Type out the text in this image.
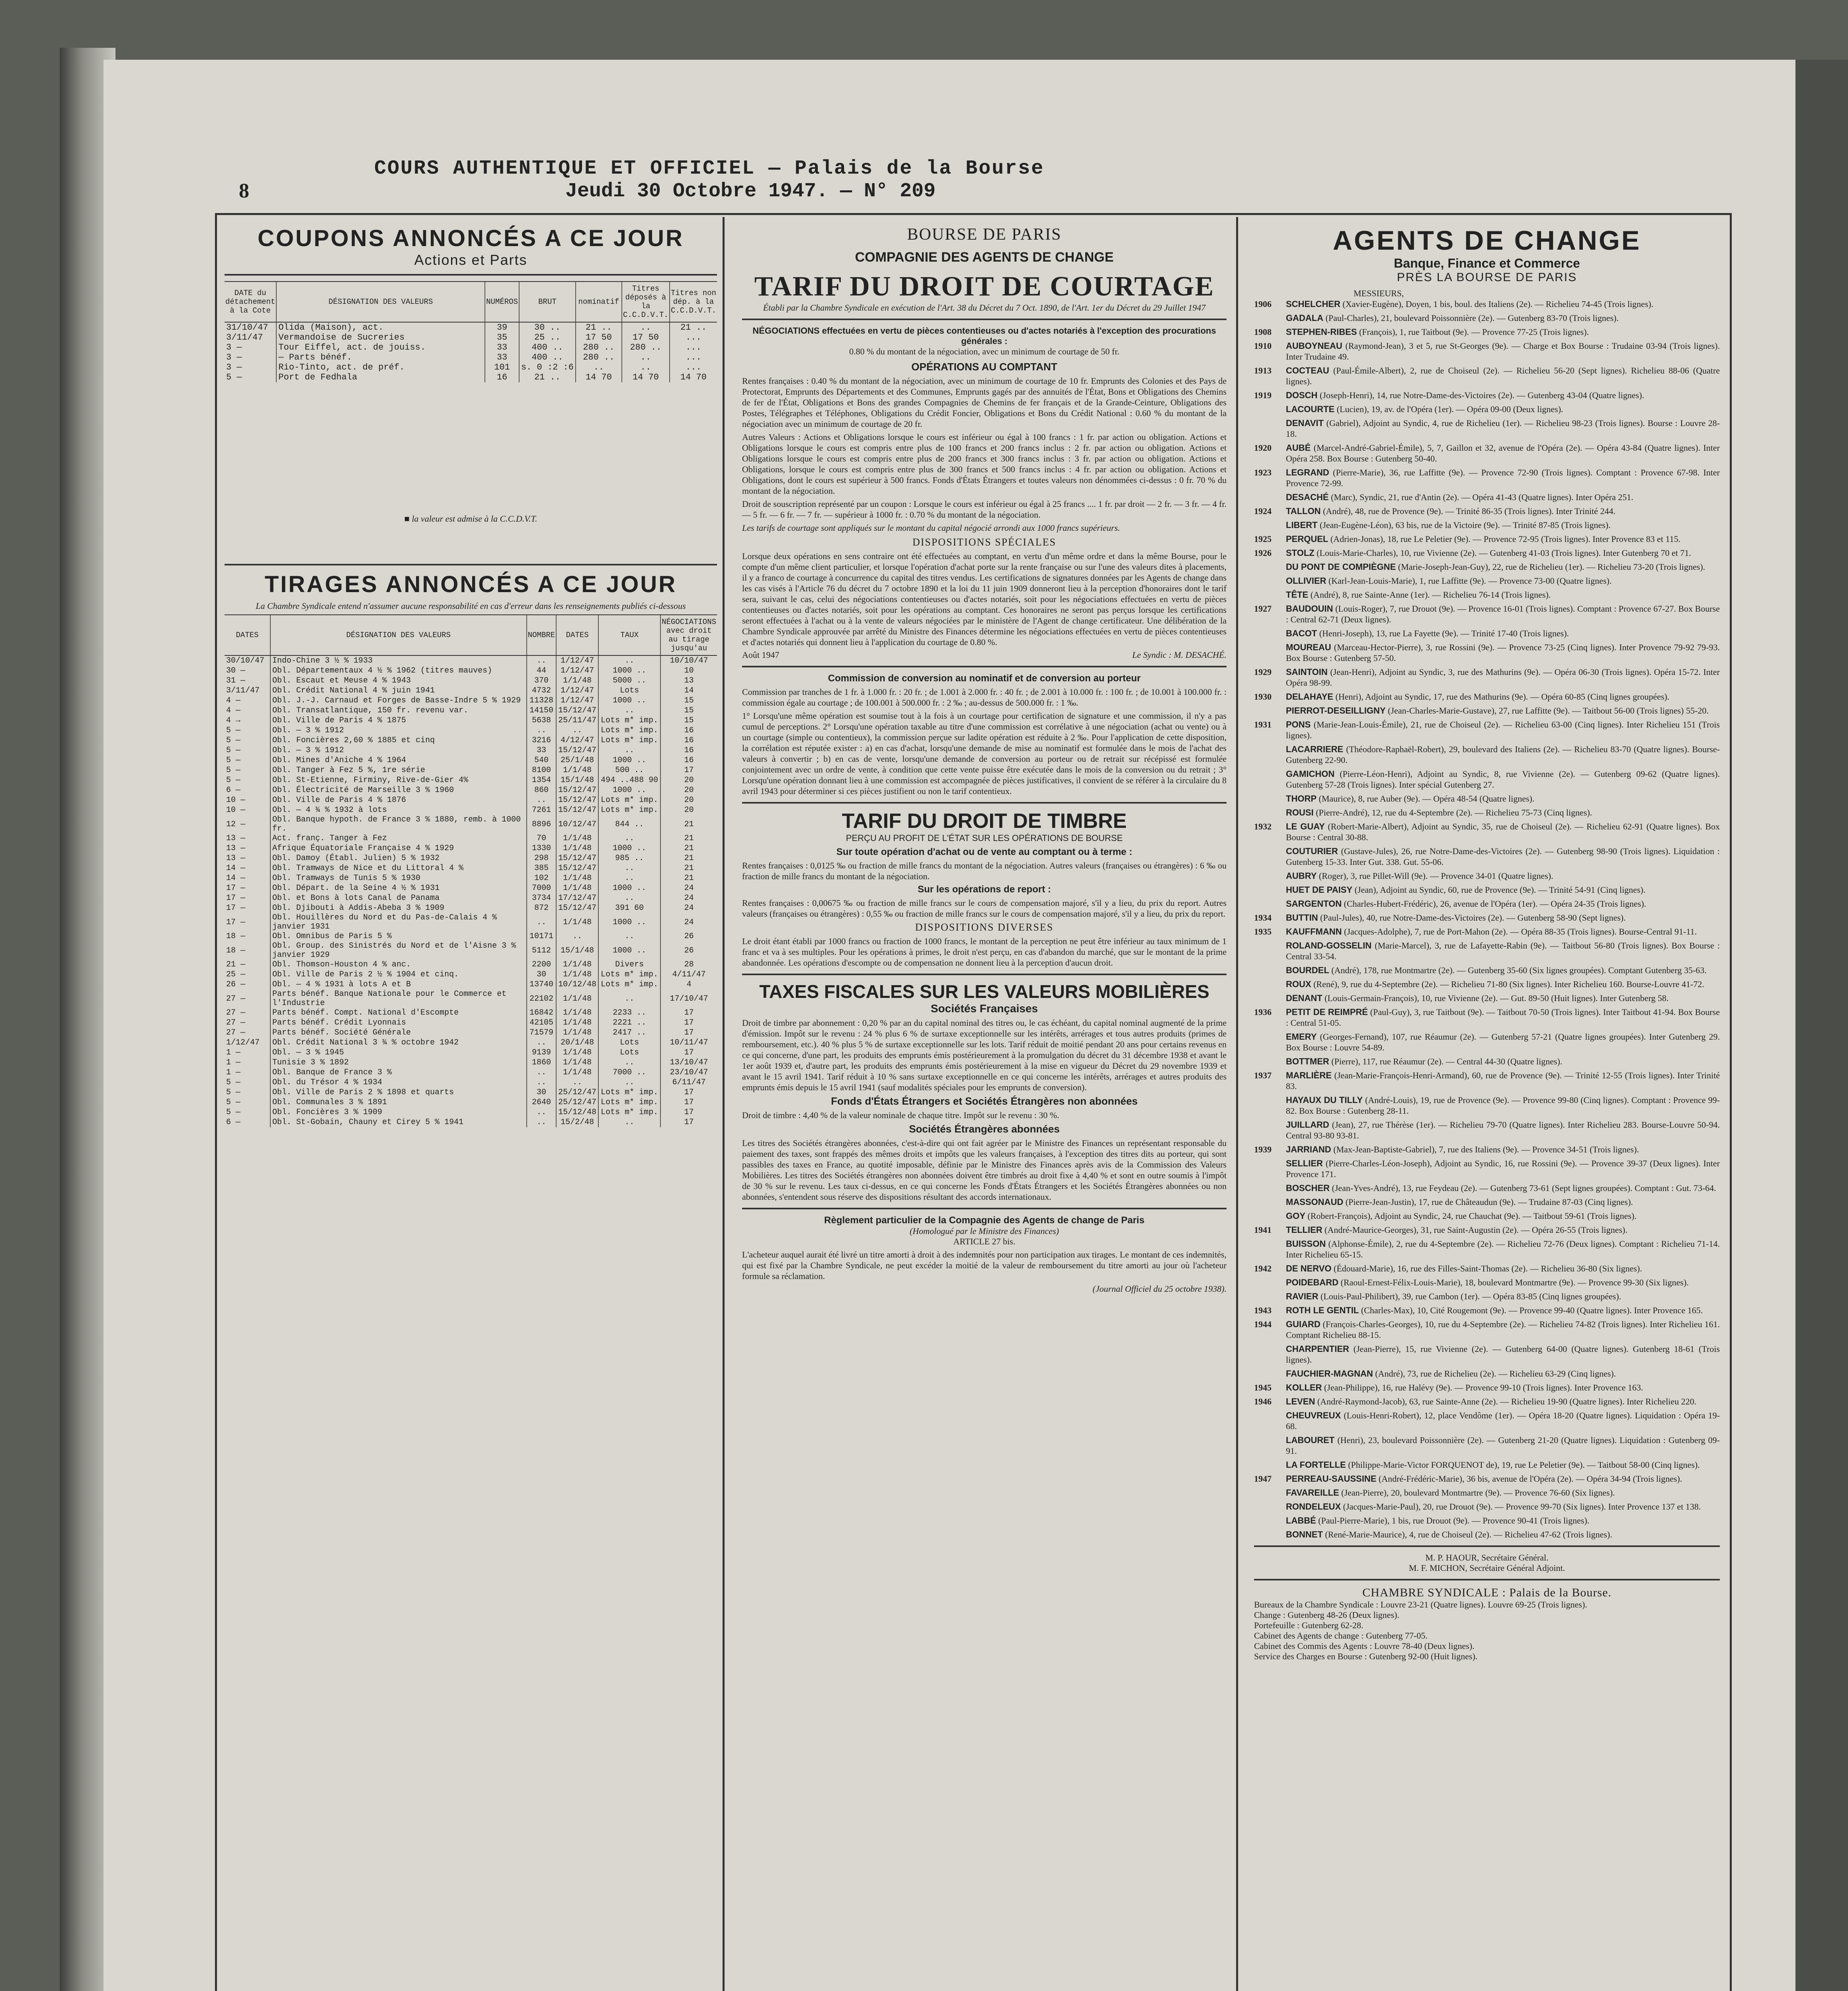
8
COURS AUTHENTIQUE ET OFFICIEL — Palais de la Bourse
Jeudi 30 Octobre 1947. — N° 209
COUPONS ANNONCÉS A CE JOUR
Actions et Parts
DATE du détachement à la Cote	DÉSIGNATION DES VALEURS	NUMÉROS	BRUT	nominatif	Titres déposés à la C.C.D.V.T.	Titres non dép. à la C.C.D.V.T.
31/10/47	Olida (Maison), act.	39	30 ..	21 ..	..	21 ..
3/11/47	Vermandoise de Sucreries	35	25 ..	17 50	17 50	...
3 —	Tour Eiffel, act. de jouiss.	33	400 ..	280 ..	280 ..	...
3 —	— Parts bénéf.	33	400 ..	280 ..	..	...
3 —	Rio-Tinto, act. de préf.	101	s. 0 :2 :6	..	..	...
5 —	Port de Fedhala	16	21 ..	14 70	14 70	14 70
■ la valeur est admise à la C.C.D.V.T.
TIRAGES ANNONCÉS A CE JOUR
La Chambre Syndicale entend n'assumer aucune responsabilité en cas d'erreur dans les renseignements publiés ci-dessous
DATES	DÉSIGNATION DES VALEURS	NOMBRE	DATES	TAUX	NÉGOCIATIONS avec droit au tirage jusqu'au
30/10/47	Indo-Chine 3 ½ % 1933	..	1/12/47	..	10/10/47
30 —	Obl. Départementaux 4 ½ % 1962 (titres mauves)	44	1/12/47	1000 ..	10
31 —	Obl. Escaut et Meuse 4 % 1943	370	1/1/48	5000 ..	13
3/11/47	Obl. Crédit National 4 % juin 1941	4732	1/12/47	Lots	14
4 —	Obl. J.-J. Carnaud et Forges de Basse-Indre 5 % 1929	11328	1/12/47	1000 ..	15
4 —	Obl. Transatlantique, 150 fr. revenu var.	14150	15/12/47	..	15
4 →	Obl. Ville de Paris 4 % 1875	5638	25/11/47	Lots m* imp.	15
5 —	Obl. — 3 % 1912	..	..	Lots m* imp.	16
5 —	Obl. Foncières 2,60 % 1885 et cinq	3216	4/12/47	Lots m* imp.	16
5 —	Obl. — 3 % 1912	33	15/12/47	..	16
5 —	Obl. Mines d'Aniche 4 % 1964	540	25/1/48	1000 ..	16
5 —	Obl. Tanger à Fez 5 %, 1re série	8100	1/1/48	500 ..	17
5 —	Obl. St-Etienne, Firminy, Rive-de-Gier 4%	1354	15/1/48	494 ..488 90	20
6 —	Obl. Électricité de Marseille 3 % 1960	860	15/12/47	1000 ..	20
10 —	Obl. Ville de Paris 4 % 1876	..	15/12/47	Lots m* imp.	20
10 —	Obl. — 4 ¾ % 1932 à lots	7261	15/12/47	Lots m* imp.	20
12 —	Obl. Banque hypoth. de France 3 % 1880, remb. à 1000 fr.	8896	10/12/47	844 ..	21
13 —	Act. franç. Tanger à Fez	70	1/1/48	..	21
13 —	Afrique Équatoriale Française 4 % 1929	1330	1/1/48	1000 ..	21
13 —	Obl. Damoy (Établ. Julien) 5 % 1932	298	15/12/47	985 ..	21
14 —	Obl. Tramways de Nice et du Littoral 4 %	385	15/12/47	..	21
14 —	Obl. Tramways de Tunis 5 % 1930	102	1/1/48	..	21
17 —	Obl. Départ. de la Seine 4 ½ % 1931	7000	1/1/48	1000 ..	24
17 —	Obl. et Bons à lots Canal de Panama	3734	17/12/47	..	24
17 —	Obl. Djibouti à Addis-Abeba 3 % 1909	872	15/12/47	391 60	24
17 —	Obl. Houillères du Nord et du Pas-de-Calais 4 % janvier 1931	..	1/1/48	1000 ..	24
18 —	Obl. Omnibus de Paris 5 %	10171	..	..	26
18 —	Obl. Group. des Sinistrés du Nord et de l'Aisne 3 % janvier 1929	5112	15/1/48	1000 ..	26
21 —	Obl. Thomson-Houston 4 % anc.	2200	1/1/48	Divers	28
25 —	Obl. Ville de Paris 2 ½ % 1904 et cinq.	30	1/1/48	Lots m* imp.	4/11/47
26 —	Obl. — 4 % 1931 à lots A et B	13740	10/12/48	Lots m* imp.	4
27 —	Parts bénéf. Banque Nationale pour le Commerce et l'Industrie	22102	1/1/48	..	17/10/47
27 —	Parts bénéf. Compt. National d'Escompte	16842	1/1/48	2233 ..	17
27 —	Parts bénéf. Crédit Lyonnais	42105	1/1/48	2221 ..	17
27 —	Parts bénéf. Société Générale	71579	1/1/48	2417 ..	17
1/12/47	Obl. Crédit National 3 ¾ % octobre 1942	..	20/1/48	Lots	10/11/47
1 —	Obl. — 3 % 1945	9139	1/1/48	Lots	17
1 —	Tunisie 3 % 1892	1860	1/1/48	..	13/10/47
1 —	Obl. Banque de France 3 %	..	1/1/48	7000 ..	23/10/47
5 —	Obl. du Trésor 4 % 1934	..	..	..	6/11/47
5 —	Obl. Ville de Paris 2 % 1898 et quarts	30	25/12/47	Lots m* imp.	17
5 —	Obl. Communales 3 % 1891	2640	25/12/47	Lots m* imp.	17
5 —	Obl. Foncières 3 % 1909	..	15/12/48	Lots m* imp.	17
6 —	Obl. St-Gobain, Chauny et Cirey 5 % 1941	..	15/2/48	..	17
BOURSE DE PARIS
COMPAGNIE DES AGENTS DE CHANGE
TARIF DU DROIT DE COURTAGE
Établi par la Chambre Syndicale en exécution de l'Art. 38 du Décret du 7 Oct. 1890, de l'Art. 1er du Décret du 29 Juillet 1947
NÉGOCIATIONS effectuées en vertu de pièces contentieuses ou d'actes notariés à l'exception des procurations générales :
0.80 % du montant de la négociation, avec un minimum de courtage de 50 fr.
OPÉRATIONS AU COMPTANT
Rentes françaises : 0.40 % du montant de la négociation, avec un minimum de courtage de 10 fr. Emprunts des Colonies et des Pays de Protectorat, Emprunts des Départements et des Communes, Emprunts gagés par des annuités de l'État, Bons et Obligations des Chemins de fer de l'État, Obligations et Bons des grandes Compagnies de Chemins de fer français et de la Grande-Ceinture, Obligations des Postes, Télégraphes et Téléphones, Obligations du Crédit Foncier, Obligations et Bons du Crédit National : 0.60 % du montant de la négociation avec un minimum de courtage de 20 fr.
Autres Valeurs : Actions et Obligations lorsque le cours est inférieur ou égal à 100 francs : 1 fr. par action ou obligation. Actions et Obligations lorsque le cours est compris entre plus de 100 francs et 200 francs inclus : 2 fr. par action ou obligation. Actions et Obligations lorsque le cours est compris entre plus de 200 francs et 300 francs inclus : 3 fr. par action ou obligation. Actions et Obligations, lorsque le cours est compris entre plus de 300 francs et 500 francs inclus : 4 fr. par action ou obligation. Actions et Obligations, dont le cours est supérieur à 500 francs. Fonds d'États Étrangers et toutes valeurs non dénommées ci-dessus : 0 fr. 70 % du montant de la négociation.
Droit de souscription représenté par un coupon : Lorsque le cours est inférieur ou égal à 25 francs .... 1 fr. par droit — 2 fr. — 3 fr. — 4 fr. — 5 fr. — 6 fr. — 7 fr. — supérieur à 1000 fr. : 0.70 % du montant de la négociation.
Les tarifs de courtage sont appliqués sur le montant du capital négocié arrondi aux 1000 francs supérieurs.
DISPOSITIONS SPÉCIALES
Lorsque deux opérations en sens contraire ont été effectuées au comptant, en vertu d'un même ordre et dans la même Bourse, pour le compte d'un même client particulier, et lorsque l'opération d'achat porte sur la rente française ou sur l'une des valeurs dites à placements, il y a franco de courtage à concurrence du capital des titres vendus. Les certifications de signatures données par les Agents de change dans les cas visés à l'Article 76 du décret du 7 octobre 1890 et la loi du 11 juin 1909 donneront lieu à la perception d'honoraires dont le tarif sera, suivant le cas, celui des négociations contentieuses ou d'actes notariés, soit pour les négociations effectuées en vertu de pièces contentieuses ou d'actes notariés, soit pour les opérations au comptant. Ces honoraires ne seront pas perçus lorsque les certifications seront effectuées à l'achat ou à la vente de valeurs négociées par le ministère de l'Agent de change certificateur. Une délibération de la Chambre Syndicale approuvée par arrêté du Ministre des Finances détermine les négociations effectuées en vertu de pièces contentieuses et d'actes notariés qui donnent lieu à l'application du courtage de 0.80 %.
Août 1947	Le Syndic : M. DESACHÉ.
Commission de conversion au nominatif et de conversion au porteur
Commission par tranches de 1 fr. à 1.000 fr. : 20 fr. ; de 1.001 à 2.000 fr. : 40 fr. ; de 2.001 à 10.000 fr. : 100 fr. ; de 10.001 à 100.000 fr. : commission égale au courtage ; de 100.001 à 500.000 fr. : 2 ‰ ; au-dessus de 500.000 fr. : 1 ‰.
1° Lorsqu'une même opération est soumise tout à la fois à un courtage pour certification de signature et une commission, il n'y a pas cumul de perceptions. 2° Lorsqu'une opération taxable au titre d'une commission est corrélative à une négociation (achat ou vente) ou à un courtage (simple ou contentieux), la commission perçue sur ladite opération est réduite à 2 ‰. Pour l'application de cette disposition, la corrélation est réputée exister : a) en cas d'achat, lorsqu'une demande de mise au nominatif est formulée dans le mois de l'achat des valeurs à convertir ; b) en cas de vente, lorsqu'une demande de conversion au porteur ou de retrait sur récépissé est formulée conjointement avec un ordre de vente, à condition que cette vente puisse être exécutée dans le mois de la conversion ou du retrait ; 3° Lorsqu'une opération donnant lieu à une commission est accompagnée de pièces justificatives, il convient de se référer à la circulaire du 8 avril 1943 pour déterminer si ces pièces justifient ou non le tarif contentieux.
TARIF DU DROIT DE TIMBRE
PERÇU AU PROFIT DE L'ÉTAT SUR LES OPÉRATIONS DE BOURSE
Sur toute opération d'achat ou de vente au comptant ou à terme :
Rentes françaises : 0,0125 ‰ ou fraction de mille francs du montant de la négociation. Autres valeurs (françaises ou étrangères) : 6 ‰ ou fraction de mille francs du montant de la négociation.
Sur les opérations de report :
Rentes françaises : 0,00675 ‰ ou fraction de mille francs sur le cours de compensation majoré, s'il y a lieu, du prix du report. Autres valeurs (françaises ou étrangères) : 0,55 ‰ ou fraction de mille francs sur le cours de compensation majoré, s'il y a lieu, du prix du report.
DISPOSITIONS DIVERSES
Le droit étant établi par 1000 francs ou fraction de 1000 francs, le montant de la perception ne peut être inférieur au taux minimum de 1 franc et va à ses multiples. Pour les opérations à primes, le droit n'est perçu, en cas d'abandon du marché, que sur le montant de la prime abandonnée. Les opérations d'escompte ou de compensation ne donnent lieu à la perception d'aucun droit.
TAXES FISCALES SUR LES VALEURS MOBILIÈRES
Sociétés Françaises
Droit de timbre par abonnement : 0,20 % par an du capital nominal des titres ou, le cas échéant, du capital nominal augmenté de la prime d'émission. Impôt sur le revenu : 24 % plus 6 % de surtaxe exceptionnelle sur les intérêts, arrérages et tous autres produits (primes de remboursement, etc.). 40 % plus 5 % de surtaxe exceptionnelle sur les lots. Tarif réduit de moitié pendant 20 ans pour certains revenus en ce qui concerne, d'une part, les produits des emprunts émis postérieurement à la promulgation du décret du 31 décembre 1938 et avant le 1er août 1939 et, d'autre part, les produits des emprunts émis postérieurement à la mise en vigueur du Décret du 29 novembre 1939 et avant le 15 avril 1941. Tarif réduit à 10 % sans surtaxe exceptionnelle en ce qui concerne les intérêts, arrérages et autres produits des emprunts émis depuis le 15 avril 1941 (sauf modalités spéciales pour les emprunts de conversion).
Fonds d'États Étrangers et Sociétés Étrangères non abonnées
Droit de timbre : 4,40 % de la valeur nominale de chaque titre. Impôt sur le revenu : 30 %.
Sociétés Étrangères abonnées
Les titres des Sociétés étrangères abonnées, c'est-à-dire qui ont fait agréer par le Ministre des Finances un représentant responsable du paiement des taxes, sont frappés des mêmes droits et impôts que les valeurs françaises, à l'exception des titres dits au porteur, qui sont passibles des taxes en France, au quotité imposable, définie par le Ministre des Finances après avis de la Commission des Valeurs Mobilières. Les titres des Sociétés étrangères non abonnées doivent être timbrés au droit fixe à 4,40 % et sont en outre soumis à l'impôt de 30 % sur le revenu. Les taux ci-dessus, en ce qui concerne les Fonds d'États Étrangers et les Sociétés Étrangères abonnées ou non abonnées, s'entendent sous réserve des dispositions résultant des accords internationaux.
Règlement particulier de la Compagnie des Agents de change de Paris
(Homologué par le Ministre des Finances)
ARTICLE 27 bis.
L'acheteur auquel aurait été livré un titre amorti à droit à des indemnités pour non participation aux tirages. Le montant de ces indemnités, qui est fixé par la Chambre Syndicale, ne peut excéder la moitié de la valeur de remboursement du titre amorti au jour où l'acheteur formule sa réclamation.
(Journal Officiel du 25 octobre 1938).
AGENTS DE CHANGE
Banque, Finance et Commerce
PRÈS LA BOURSE DE PARIS
MESSIEURS,
1906	SCHELCHER (Xavier-Eugène), Doyen, 1 bis, boul. des Italiens (2e). — Richelieu 74-45 (Trois lignes).
GADALA (Paul-Charles), 21, boulevard Poissonnière (2e). — Gutenberg 83-70 (Trois lignes).
1908	STEPHEN-RIBES (François), 1, rue Taitbout (9e). — Provence 77-25 (Trois lignes).
1910	AUBOYNEAU (Raymond-Jean), 3 et 5, rue St-Georges (9e). — Charge et Box Bourse : Trudaine 03-94 (Trois lignes). Inter Trudaine 49.
1913	COCTEAU (Paul-Émile-Albert), 2, rue de Choiseul (2e). — Richelieu 56-20 (Sept lignes). Richelieu 88-06 (Quatre lignes).
1919	DOSCH (Joseph-Henri), 14, rue Notre-Dame-des-Victoires (2e). — Gutenberg 43-04 (Quatre lignes).
LACOURTE (Lucien), 19, av. de l'Opéra (1er). — Opéra 09-00 (Deux lignes).
DENAVIT (Gabriel), Adjoint au Syndic, 4, rue de Richelieu (1er). — Richelieu 98-23 (Trois lignes). Bourse : Louvre 28-18.
1920	AUBÉ (Marcel-André-Gabriel-Émile), 5, 7, Gaillon et 32, avenue de l'Opéra (2e). — Opéra 43-84 (Quatre lignes). Inter Opéra 258. Box Bourse : Gutenberg 50-40.
1923	LEGRAND (Pierre-Marie), 36, rue Laffitte (9e). — Provence 72-90 (Trois lignes). Comptant : Provence 67-98. Inter Provence 72-99.
DESACHÉ (Marc), Syndic, 21, rue d'Antin (2e). — Opéra 41-43 (Quatre lignes). Inter Opéra 251.
1924	TALLON (André), 48, rue de Provence (9e). — Trinité 86-35 (Trois lignes). Inter Trinité 244.
LIBERT (Jean-Eugène-Léon), 63 bis, rue de la Victoire (9e). — Trinité 87-85 (Trois lignes).
1925	PERQUEL (Adrien-Jonas), 18, rue Le Peletier (9e). — Provence 72-95 (Trois lignes). Inter Provence 83 et 115.
1926	STOLZ (Louis-Marie-Charles), 10, rue Vivienne (2e). — Gutenberg 41-03 (Trois lignes). Inter Gutenberg 70 et 71.
DU PONT DE COMPIÈGNE (Marie-Joseph-Jean-Guy), 22, rue de Richelieu (1er). — Richelieu 73-20 (Trois lignes).
OLLIVIER (Karl-Jean-Louis-Marie), 1, rue Laffitte (9e). — Provence 73-00 (Quatre lignes).
TÊTE (André), 8, rue Sainte-Anne (1er). — Richelieu 76-14 (Trois lignes).
1927	BAUDOUIN (Louis-Roger), 7, rue Drouot (9e). — Provence 16-01 (Trois lignes). Comptant : Provence 67-27. Box Bourse : Central 62-71 (Deux lignes).
BACOT (Henri-Joseph), 13, rue La Fayette (9e). — Trinité 17-40 (Trois lignes).
MOUREAU (Marceau-Hector-Pierre), 3, rue Rossini (9e). — Provence 73-25 (Cinq lignes). Inter Provence 79-92 79-93. Box Bourse : Gutenberg 57-50.
1929	SAINTOIN (Jean-Henri), Adjoint au Syndic, 3, rue des Mathurins (9e). — Opéra 06-30 (Trois lignes). Opéra 15-72. Inter Opéra 98-99.
1930	DELAHAYE (Henri), Adjoint au Syndic, 17, rue des Mathurins (9e). — Opéra 60-85 (Cinq lignes groupées).
PIERROT-DESEILLIGNY (Jean-Charles-Marie-Gustave), 27, rue Laffitte (9e). — Taitbout 56-00 (Trois lignes) 55-20.
1931	PONS (Marie-Jean-Louis-Émile), 21, rue de Choiseul (2e). — Richelieu 63-00 (Cinq lignes). Inter Richelieu 151 (Trois lignes).
LACARRIERE (Théodore-Raphaël-Robert), 29, boulevard des Italiens (2e). — Richelieu 83-70 (Quatre lignes). Bourse-Gutenberg 22-90.
GAMICHON (Pierre-Léon-Henri), Adjoint au Syndic, 8, rue Vivienne (2e). — Gutenberg 09-62 (Quatre lignes). Gutenberg 57-28 (Trois lignes). Inter spécial Gutenberg 27.
THORP (Maurice), 8, rue Auber (9e). — Opéra 48-54 (Quatre lignes).
ROUSI (Pierre-André), 12, rue du 4-Septembre (2e). — Richelieu 75-73 (Cinq lignes).
1932	LE GUAY (Robert-Marie-Albert), Adjoint au Syndic, 35, rue de Choiseul (2e). — Richelieu 62-91 (Quatre lignes). Box Bourse : Central 30-88.
COUTURIER (Gustave-Jules), 26, rue Notre-Dame-des-Victoires (2e). — Gutenberg 98-90 (Trois lignes). Liquidation : Gutenberg 15-33. Inter Gut. 338. Gut. 55-06.
AUBRY (Roger), 3, rue Pillet-Will (9e). — Provence 34-01 (Quatre lignes).
HUET DE PAISY (Jean), Adjoint au Syndic, 60, rue de Provence (9e). — Trinité 54-91 (Cinq lignes).
SARGENTON (Charles-Hubert-Frédéric), 26, avenue de l'Opéra (1er). — Opéra 24-35 (Trois lignes).
1934	BUTTIN (Paul-Jules), 40, rue Notre-Dame-des-Victoires (2e). — Gutenberg 58-90 (Sept lignes).
1935	KAUFFMANN (Jacques-Adolphe), 7, rue de Port-Mahon (2e). — Opéra 88-35 (Trois lignes). Bourse-Central 91-11.
ROLAND-GOSSELIN (Marie-Marcel), 3, rue de Lafayette-Rabin (9e). — Taitbout 56-80 (Trois lignes). Box Bourse : Central 33-54.
BOURDEL (André), 178, rue Montmartre (2e). — Gutenberg 35-60 (Six lignes groupées). Comptant Gutenberg 35-63.
ROUX (René), 9, rue du 4-Septembre (2e). — Richelieu 71-80 (Six lignes). Inter Richelieu 160. Bourse-Louvre 41-72.
DENANT (Louis-Germain-François), 10, rue Vivienne (2e). — Gut. 89-50 (Huit lignes). Inter Gutenberg 58.
1936	PETIT DE REIMPRÉ (Paul-Guy), 3, rue Taitbout (9e). — Taitbout 70-50 (Trois lignes). Inter Taitbout 41-94. Box Bourse : Central 51-05.
EMERY (Georges-Fernand), 107, rue Réaumur (2e). — Gutenberg 57-21 (Quatre lignes groupées). Inter Gutenberg 29. Box Bourse : Louvre 54-89.
BOTTMER (Pierre), 117, rue Réaumur (2e). — Central 44-30 (Quatre lignes).
1937	MARLIÈRE (Jean-Marie-François-Henri-Armand), 60, rue de Provence (9e). — Trinité 12-55 (Trois lignes). Inter Trinité 83.
HAYAUX DU TILLY (André-Louis), 19, rue de Provence (9e). — Provence 99-80 (Cinq lignes). Comptant : Provence 99-82. Box Bourse : Gutenberg 28-11.
JUILLARD (Jean), 27, rue Thérèse (1er). — Richelieu 79-70 (Quatre lignes). Inter Richelieu 283. Bourse-Louvre 50-94. Central 93-80 93-81.
1939	JARRIAND (Max-Jean-Baptiste-Gabriel), 7, rue des Italiens (9e). — Provence 34-51 (Trois lignes).
SELLIER (Pierre-Charles-Léon-Joseph), Adjoint au Syndic, 16, rue Rossini (9e). — Provence 39-37 (Deux lignes). Inter Provence 171.
BOSCHER (Jean-Yves-André), 13, rue Feydeau (2e). — Gutenberg 73-61 (Sept lignes groupées). Comptant : Gut. 73-64.
MASSONAUD (Pierre-Jean-Justin), 17, rue de Châteaudun (9e). — Trudaine 87-03 (Cinq lignes).
GOY (Robert-François), Adjoint au Syndic, 24, rue Chauchat (9e). — Taitbout 59-61 (Trois lignes).
1941	TELLIER (André-Maurice-Georges), 31, rue Saint-Augustin (2e). — Opéra 26-55 (Trois lignes).
BUISSON (Alphonse-Émile), 2, rue du 4-Septembre (2e). — Richelieu 72-76 (Deux lignes). Comptant : Richelieu 71-14. Inter Richelieu 65-15.
1942	DE NERVO (Édouard-Marie), 16, rue des Filles-Saint-Thomas (2e). — Richelieu 36-80 (Six lignes).
POIDEBARD (Raoul-Ernest-Félix-Louis-Marie), 18, boulevard Montmartre (9e). — Provence 99-30 (Six lignes).
RAVIER (Louis-Paul-Philibert), 39, rue Cambon (1er). — Opéra 83-85 (Cinq lignes groupées).
1943	ROTH LE GENTIL (Charles-Max), 10, Cité Rougemont (9e). — Provence 99-40 (Quatre lignes). Inter Provence 165.
1944	GUIARD (François-Charles-Georges), 10, rue du 4-Septembre (2e). — Richelieu 74-82 (Trois lignes). Inter Richelieu 161. Comptant Richelieu 88-15.
CHARPENTIER (Jean-Pierre), 15, rue Vivienne (2e). — Gutenberg 64-00 (Quatre lignes). Gutenberg 18-61 (Trois lignes).
FAUCHIER-MAGNAN (André), 73, rue de Richelieu (2e). — Richelieu 63-29 (Cinq lignes).
1945	KOLLER (Jean-Philippe), 16, rue Halévy (9e). — Provence 99-10 (Trois lignes). Inter Provence 163.
1946	LEVEN (André-Raymond-Jacob), 63, rue Sainte-Anne (2e). — Richelieu 19-90 (Quatre lignes). Inter Richelieu 220.
CHEUVREUX (Louis-Henri-Robert), 12, place Vendôme (1er). — Opéra 18-20 (Quatre lignes). Liquidation : Opéra 19-68.
LABOURET (Henri), 23, boulevard Poissonnière (2e). — Gutenberg 21-20 (Quatre lignes). Liquidation : Gutenberg 09-91.
LA FORTELLE (Philippe-Marie-Victor FORQUENOT de), 19, rue Le Peletier (9e). — Taitbout 58-00 (Cinq lignes).
1947	PERREAU-SAUSSINE (André-Frédéric-Marie), 36 bis, avenue de l'Opéra (2e). — Opéra 34-94 (Trois lignes).
FAVAREILLE (Jean-Pierre), 20, boulevard Montmartre (9e). — Provence 76-60 (Six lignes).
RONDELEUX (Jacques-Marie-Paul), 20, rue Drouot (9e). — Provence 99-70 (Six lignes). Inter Provence 137 et 138.
LABBÉ (Paul-Pierre-Marie), 1 bis, rue Drouot (9e). — Provence 90-41 (Trois lignes).
BONNET (René-Marie-Maurice), 4, rue de Choiseul (2e). — Richelieu 47-62 (Trois lignes).
M. P. HAOUR, Secrétaire Général.
M. F. MICHON, Secrétaire Général Adjoint.
CHAMBRE SYNDICALE : Palais de la Bourse.
Bureaux de la Chambre Syndicale : Louvre 23-21 (Quatre lignes). Louvre 69-25 (Trois lignes).
Change : Gutenberg 48-26 (Deux lignes).
Portefeuille : Gutenberg 62-28.
Cabinet des Agents de change : Gutenberg 77-05.
Cabinet des Commis des Agents : Louvre 78-40 (Deux lignes).
Service des Charges en Bourse : Gutenberg 92-00 (Huit lignes).
